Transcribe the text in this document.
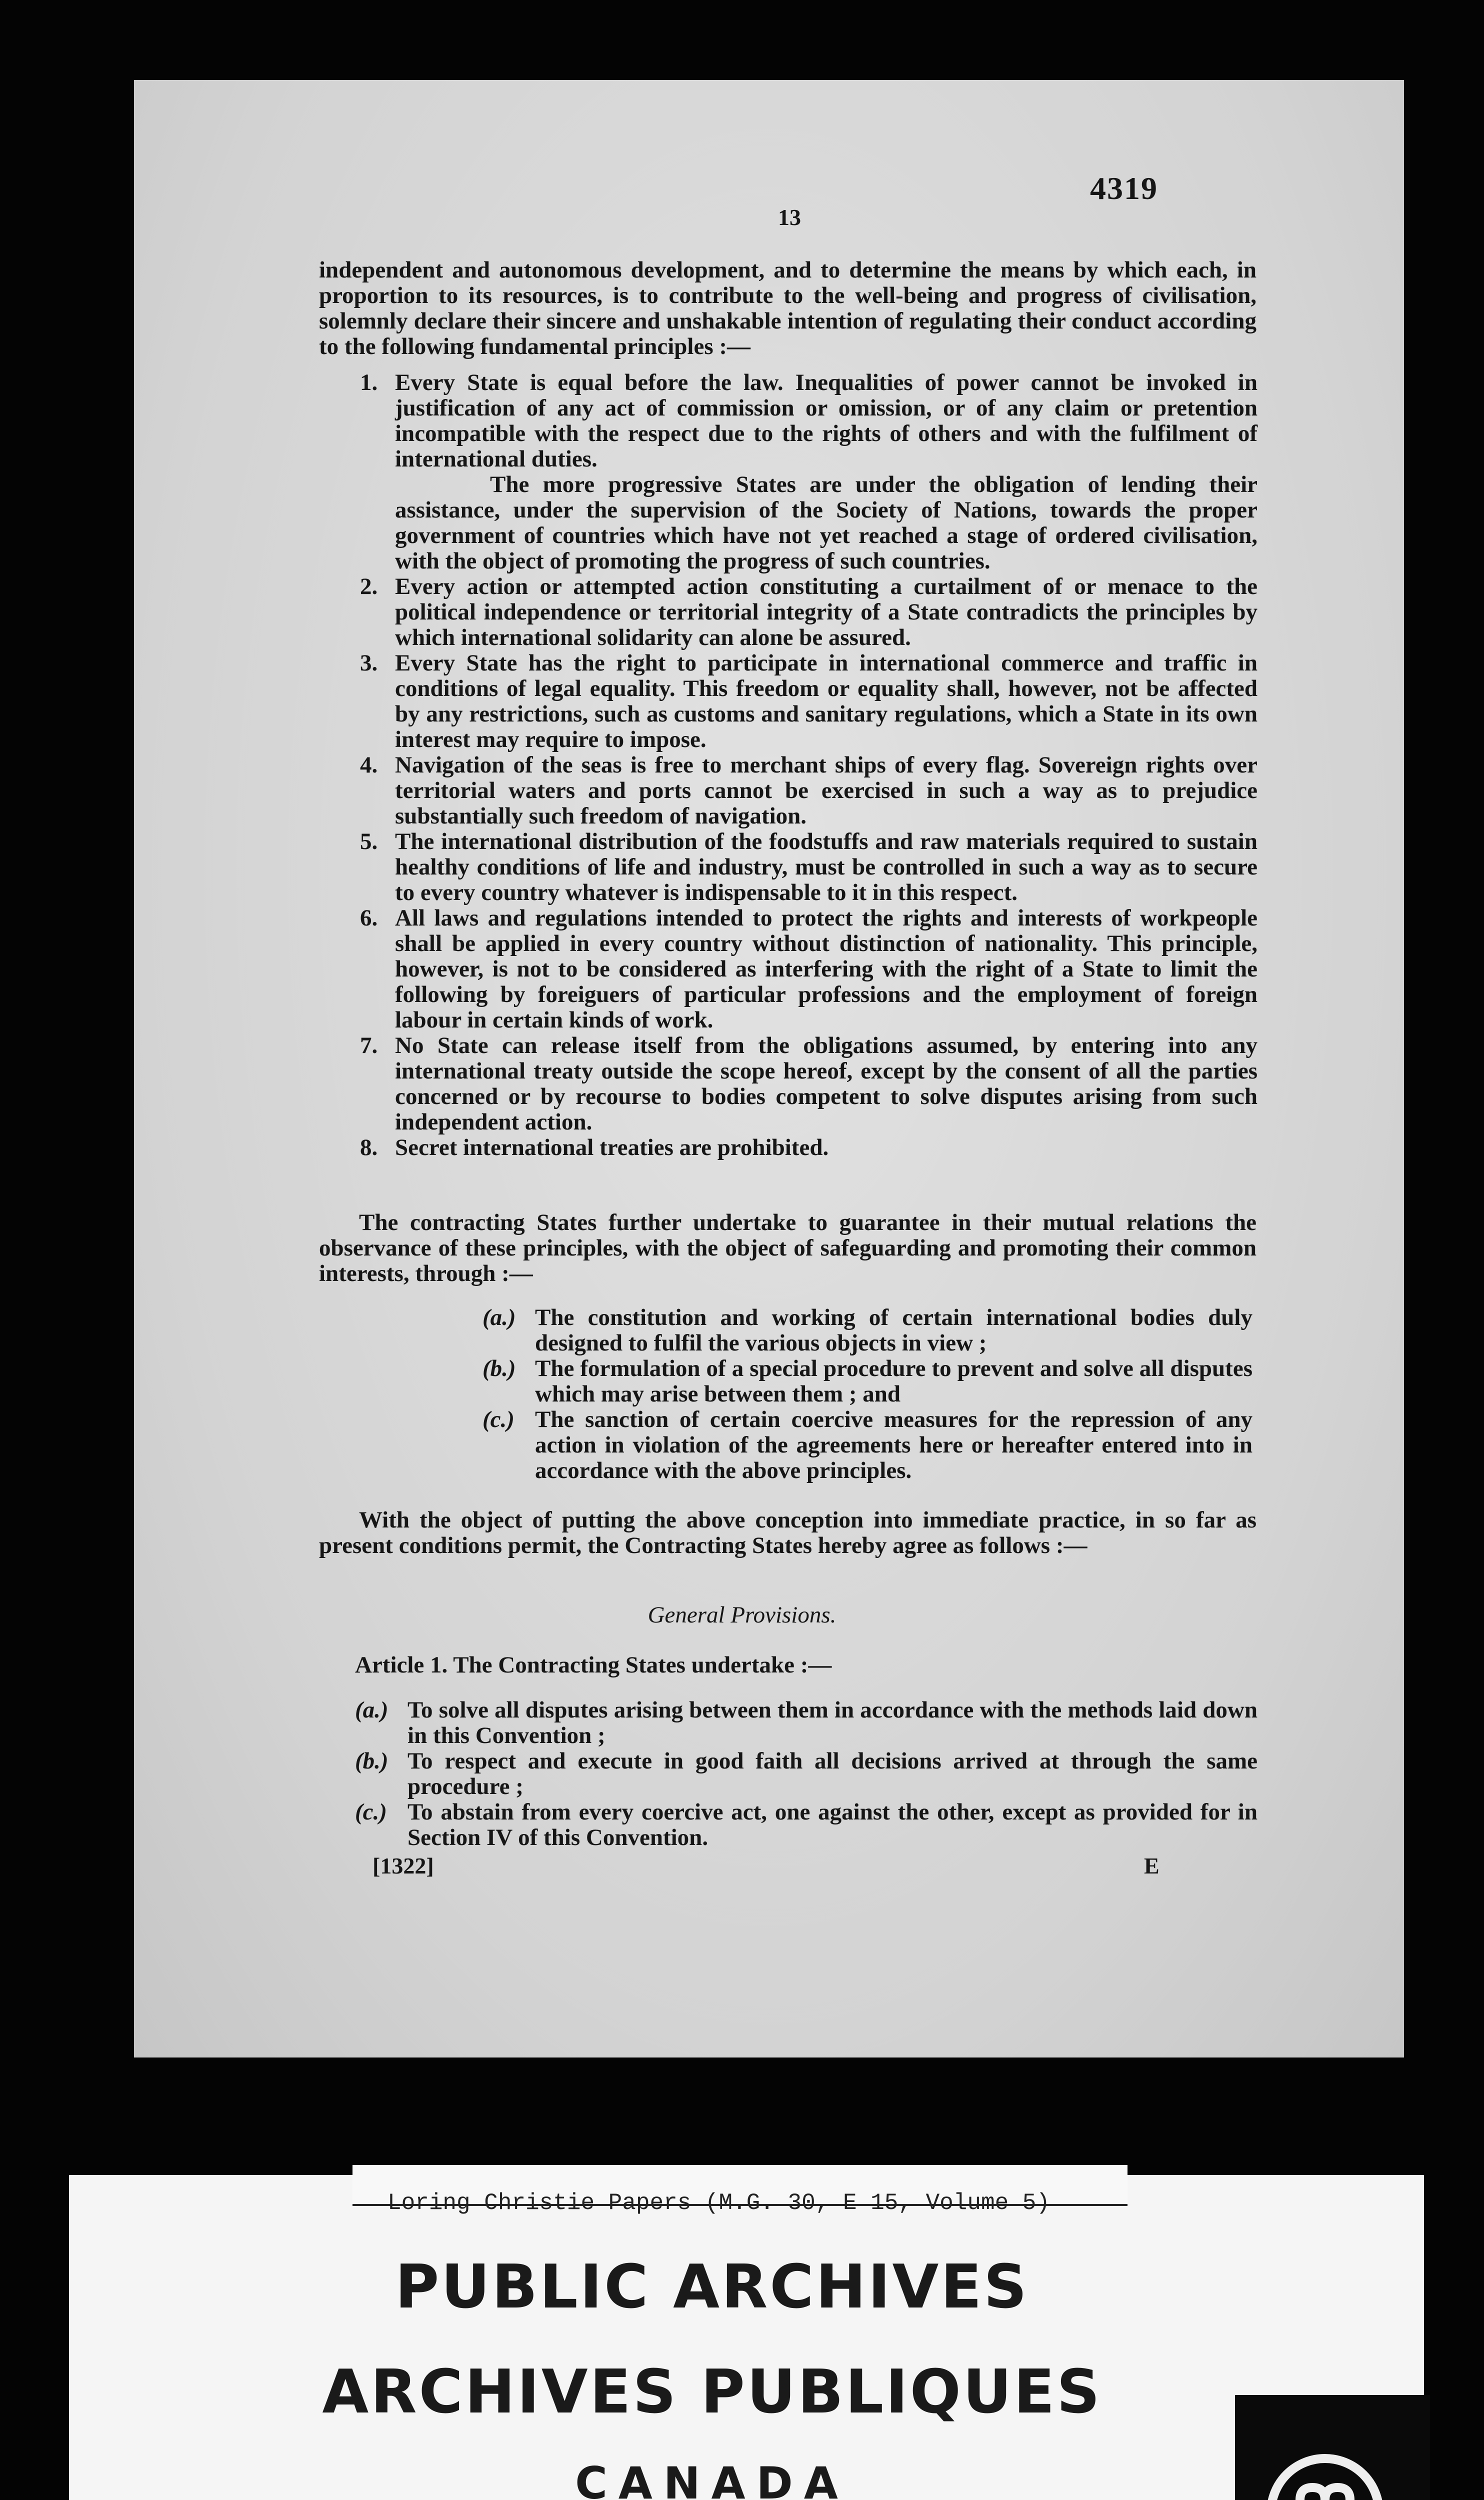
4319
13
independent and autonomous development, and to determine the means by which each, in proportion to its resources, is to contribute to the well-being and progress of civilisation, solemnly declare their sincere and unshakable intention of regulating their conduct according to the following fundamental principles :—
1. Every State is equal before the law. Inequalities of power cannot be invoked in justification of any act of commission or omission, or of any claim or pretention incompatible with the respect due to the rights of others and with the fulfilment of international duties.
The more progressive States are under the obligation of lending their assistance, under the supervision of the Society of Nations, towards the proper government of countries which have not yet reached a stage of ordered civilisation, with the object of promoting the progress of such countries.
2. Every action or attempted action constituting a curtailment of or menace to the political independence or territorial integrity of a State contradicts the principles by which international solidarity can alone be assured.
3. Every State has the right to participate in international commerce and traffic in conditions of legal equality. This freedom or equality shall, however, not be affected by any restrictions, such as customs and sanitary regulations, which a State in its own interest may require to impose.
4. Navigation of the seas is free to merchant ships of every flag. Sovereign rights over territorial waters and ports cannot be exercised in such a way as to prejudice substantially such freedom of navigation.
5. The international distribution of the foodstuffs and raw materials required to sustain healthy conditions of life and industry, must be controlled in such a way as to secure to every country whatever is indispensable to it in this respect.
6. All laws and regulations intended to protect the rights and interests of workpeople shall be applied in every country without distinction of nationality. This principle, however, is not to be considered as interfering with the right of a State to limit the following by foreiguers of particular professions and the employment of foreign labour in certain kinds of work.
7. No State can release itself from the obligations assumed, by entering into any international treaty outside the scope hereof, except by the consent of all the parties concerned or by recourse to bodies competent to solve disputes arising from such independent action.
8. Secret international treaties are prohibited.
The contracting States further undertake to guarantee in their mutual relations the observance of these principles, with the object of safeguarding and promoting their common interests, through :—
(a.) The constitution and working of certain international bodies duly designed to fulfil the various objects in view ;
(b.) The formulation of a special procedure to prevent and solve all disputes which may arise between them ; and
(c.) The sanction of certain coercive measures for the repression of any action in violation of the agreements here or hereafter entered into in accordance with the above principles.
With the object of putting the above conception into immediate practice, in so far as present conditions permit, the Contracting States hereby agree as follows :—
General Provisions.
Article 1. The Contracting States undertake :—
(a.) To solve all disputes arising between them in accordance with the methods laid down in this Convention ;
(b.) To respect and execute in good faith all decisions arrived at through the same procedure ;
(c.) To abstain from every coercive act, one against the other, except as provided for in Section IV of this Convention.
[1322]	E
Loring Christie Papers (M.G. 30, E 15, Volume 5)
PUBLIC ARCHIVES
ARCHIVES PUBLIQUES
CANADA
